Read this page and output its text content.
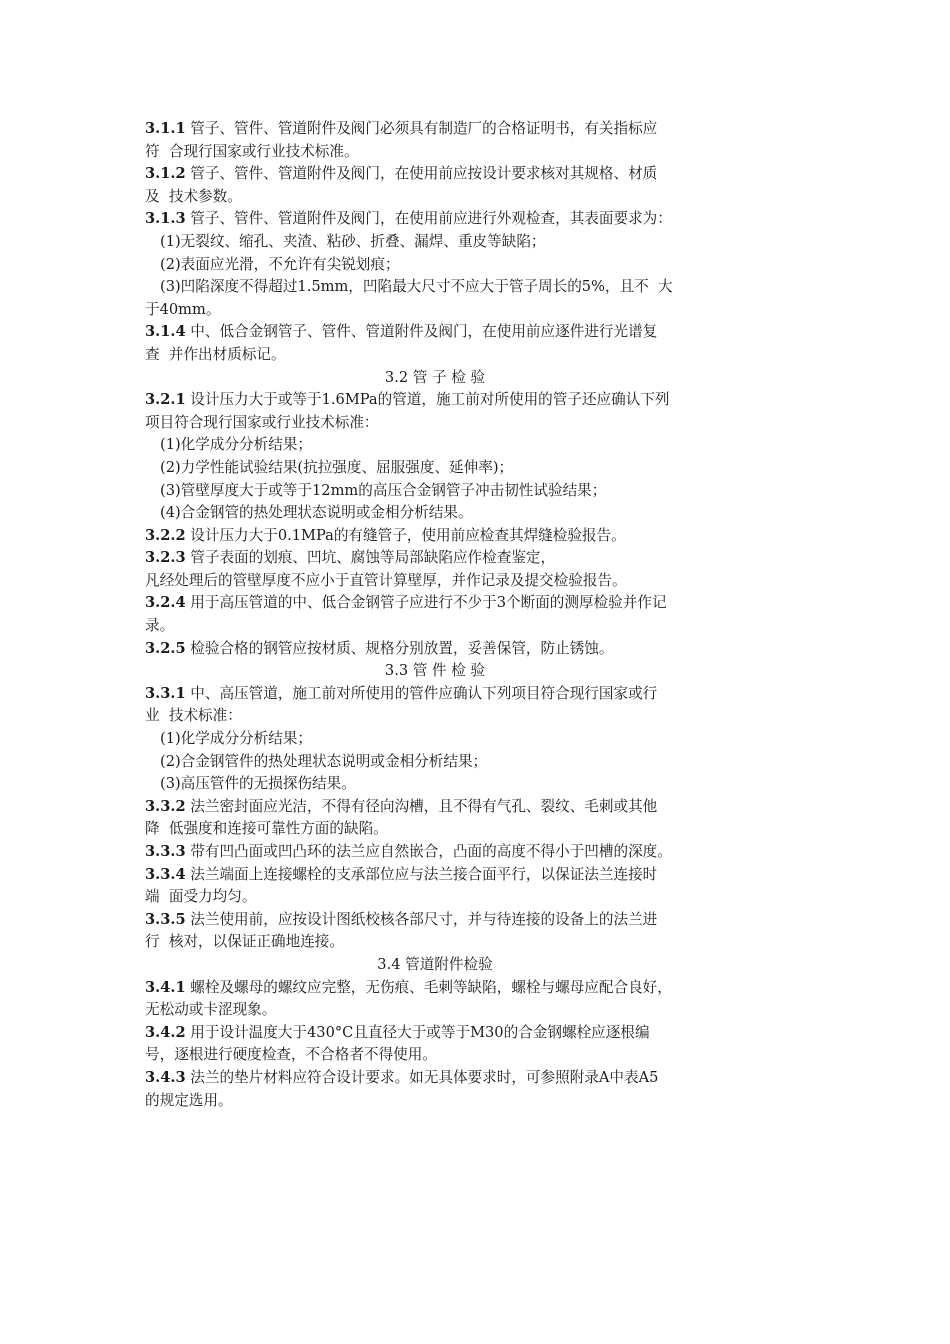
3.1.1 管子、管件、管道附件及阀门必须具有制造厂的合格证明书，有关指标应
符  合现行国家或行业技术标准。
3.1.2 管子、管件、管道附件及阀门，在使用前应按设计要求核对其规格、材质
及  技术参数。
3.1.3 管子、管件、管道附件及阀门，在使用前应进行外观检查，其表面要求为：
(1)无裂纹、缩孔、夹渣、粘砂、折叠、漏焊、重皮等缺陷；
(2)表面应光滑，不允许有尖锐划痕；
(3)凹陷深度不得超过1.5mm，凹陷最大尺寸不应大于管子周长的5%，且不  大
于40mm。
3.1.4 中、低合金钢管子、管件、管道附件及阀门，在使用前应逐件进行光谱复
查  并作出材质标记。
3.2 管 子 检 验
3.2.1 设计压力大于或等于1.6MPa的管道，施工前对所使用的管子还应确认下列
项目符合现行国家或行业技术标准：
(1)化学成分分析结果；
(2)力学性能试验结果(抗拉强度、屈服强度、延伸率)；
(3)管壁厚度大于或等于12mm的高压合金钢管子冲击韧性试验结果；
(4)合金钢管的热处理状态说明或金相分析结果。
3.2.2 设计压力大于0.1MPa的有缝管子，使用前应检查其焊缝检验报告。
3.2.3 管子表面的划痕、凹坑、腐蚀等局部缺陷应作检查鉴定，
凡经处理后的管壁厚度不应小于直管计算壁厚，并作记录及提交检验报告。
3.2.4 用于高压管道的中、低合金钢管子应进行不少于3个断面的测厚检验并作记
录。
3.2.5 检验合格的钢管应按材质、规格分别放置，妥善保管，防止锈蚀。
3.3 管 件 检 验
3.3.1 中、高压管道，施工前对所使用的管件应确认下列项目符合现行国家或行
业  技术标准：
(1)化学成分分析结果；
(2)合金钢管件的热处理状态说明或金相分析结果；
(3)高压管件的无损探伤结果。
3.3.2 法兰密封面应光洁，不得有径向沟槽，且不得有气孔、裂纹、毛刺或其他
降  低强度和连接可靠性方面的缺陷。
3.3.3 带有凹凸面或凹凸环的法兰应自然嵌合，凸面的高度不得小于凹槽的深度。
3.3.4 法兰端面上连接螺栓的支承部位应与法兰接合面平行，以保证法兰连接时
端  面受力均匀。
3.3.5 法兰使用前，应按设计图纸校核各部尺寸，并与待连接的设备上的法兰进
行  核对，以保证正确地连接。
3.4 管道附件检验
3.4.1 螺栓及螺母的螺纹应完整，无伤痕、毛刺等缺陷，螺栓与螺母应配合良好，
无松动或卡涩现象。
3.4.2 用于设计温度大于430°C且直径大于或等于M30的合金钢螺栓应逐根编
号，逐根进行硬度检查，不合格者不得使用。
3.4.3 法兰的垫片材料应符合设计要求。如无具体要求时，可参照附录A中表A5
的规定选用。
